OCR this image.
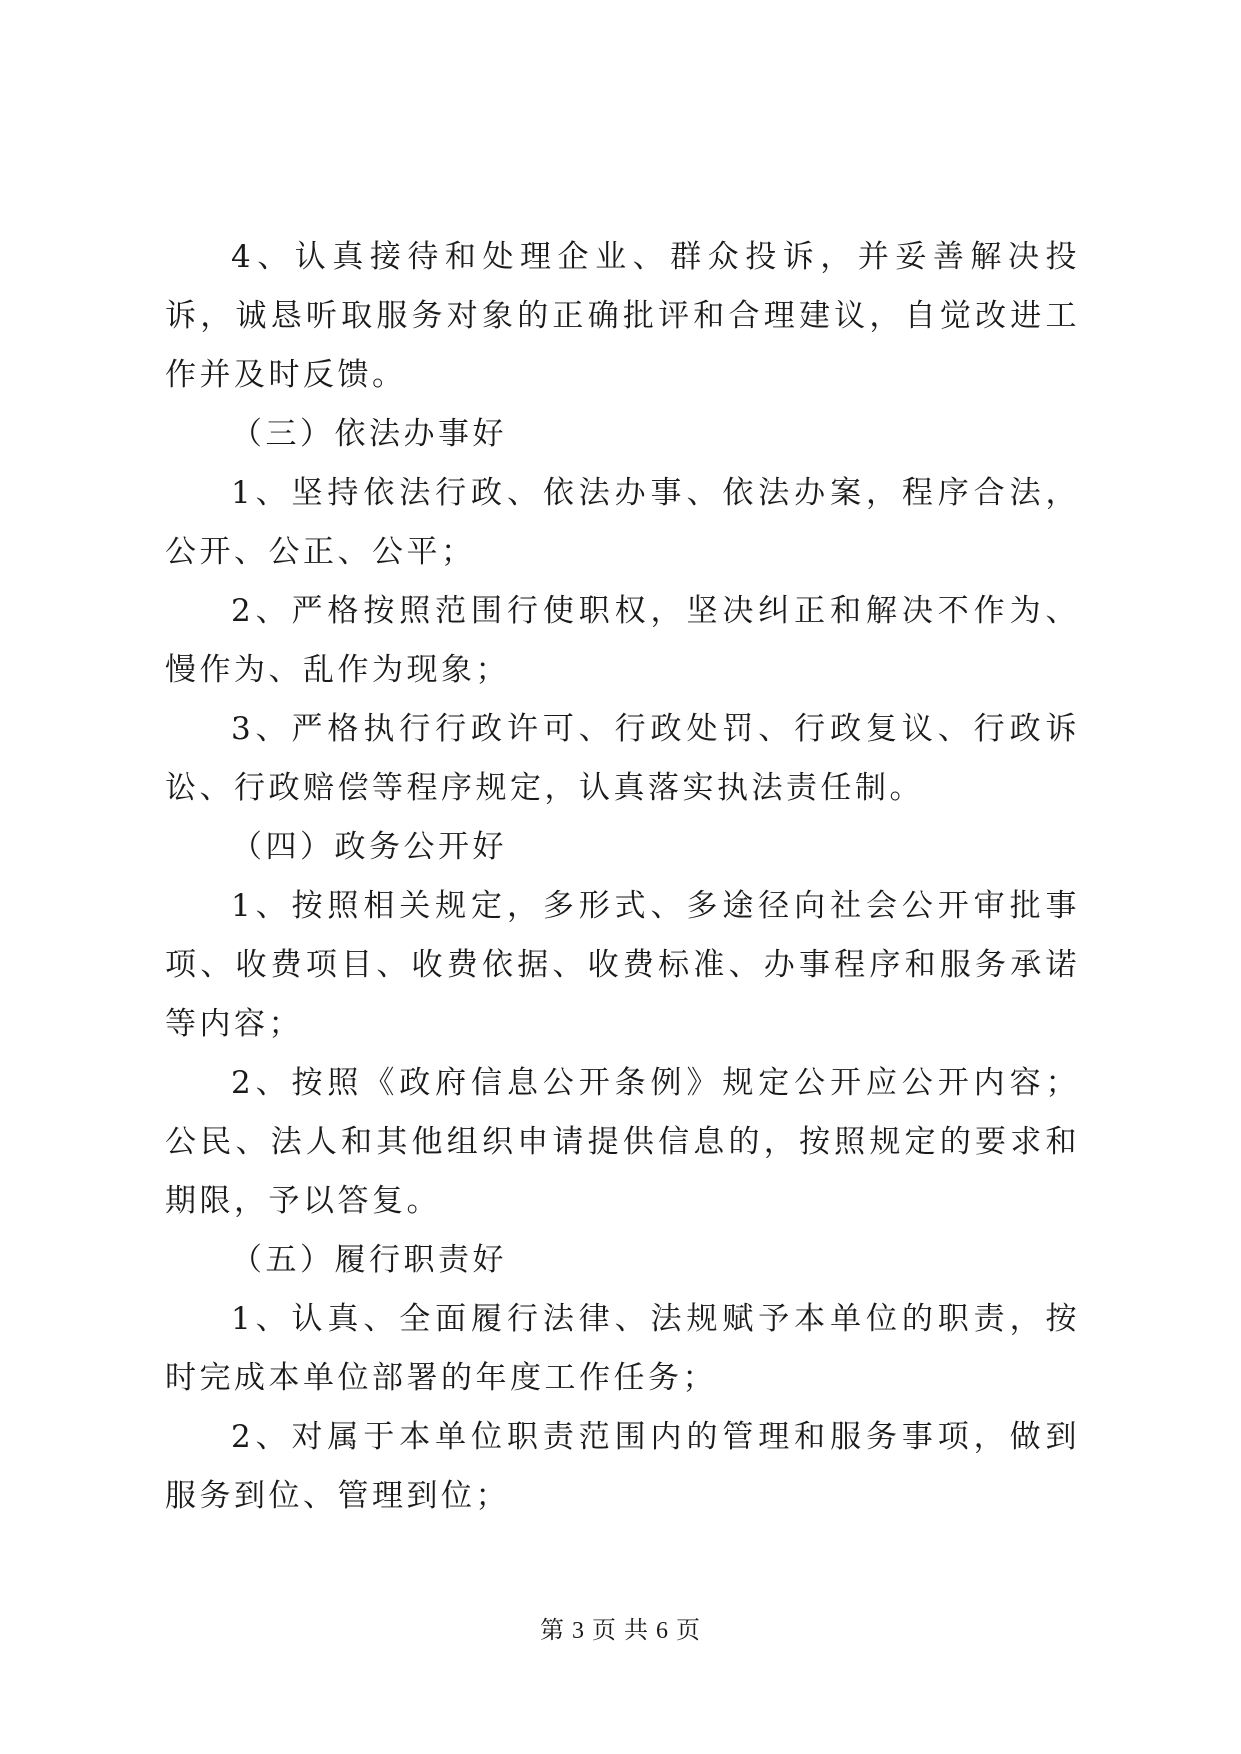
4、认真接待和处理企业、群众投诉，并妥善解决投诉，诚恳听取服务对象的正确批评和合理建议，自觉改进工作并及时反馈。

（三）依法办事好

1、坚持依法行政、依法办事、依法办案，程序合法，公开、公正、公平；

2、严格按照范围行使职权，坚决纠正和解决不作为、慢作为、乱作为现象；

3、严格执行行政许可、行政处罚、行政复议、行政诉讼、行政赔偿等程序规定，认真落实执法责任制。

（四）政务公开好

1、按照相关规定，多形式、多途径向社会公开审批事项、收费项目、收费依据、收费标准、办事程序和服务承诺等内容；

2、按照《政府信息公开条例》规定公开应公开内容；公民、法人和其他组织申请提供信息的，按照规定的要求和期限，予以答复。

（五）履行职责好

1、认真、全面履行法律、法规赋予本单位的职责，按时完成本单位部署的年度工作任务；

2、对属于本单位职责范围内的管理和服务事项，做到服务到位、管理到位；

第 3 页 共 6 页
